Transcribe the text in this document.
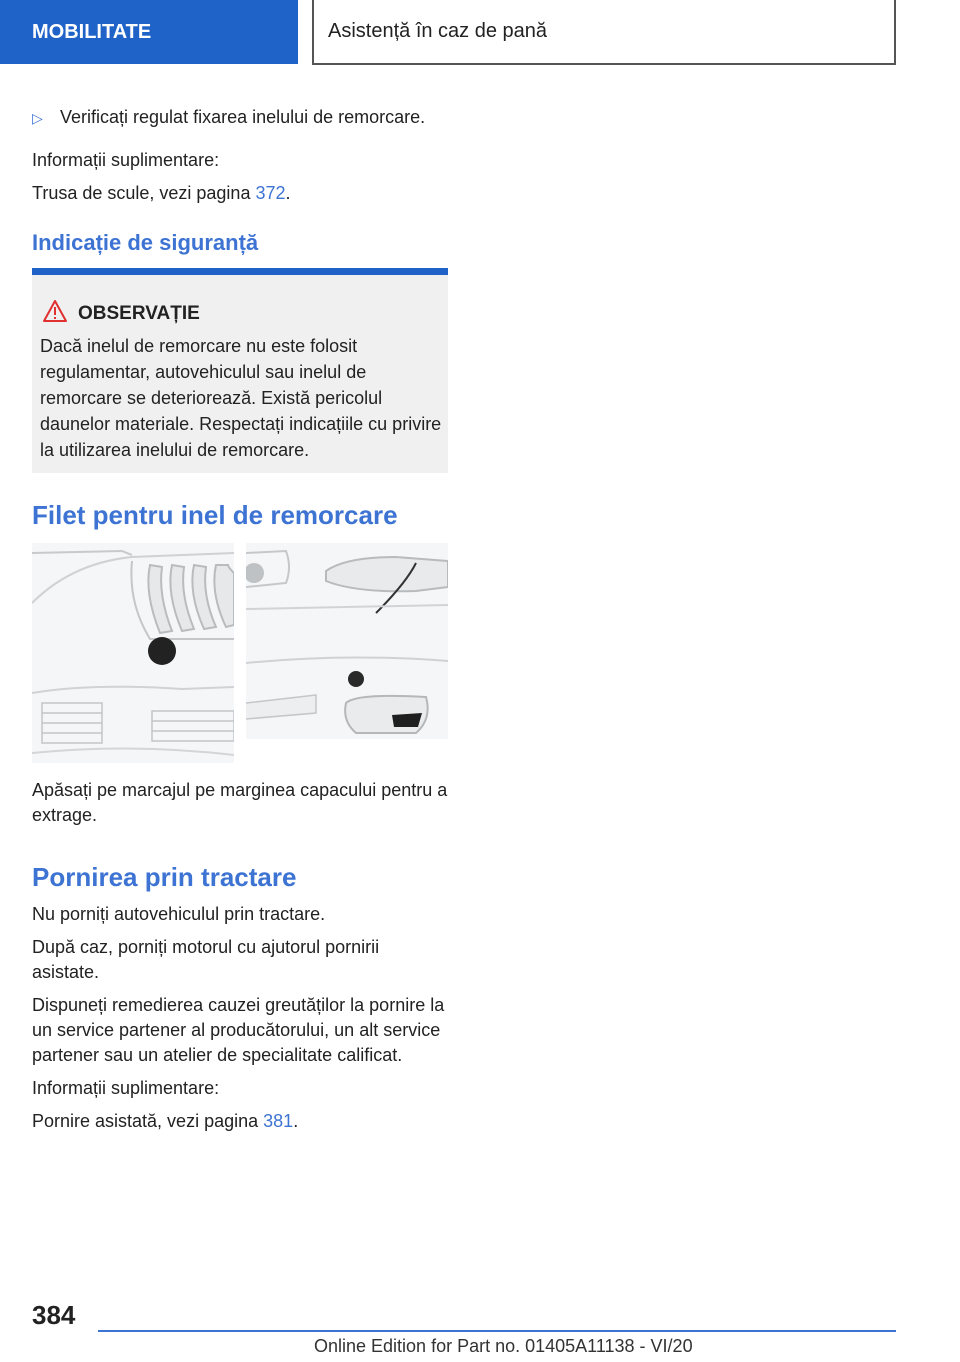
MOBILITATE	Asistență în caz de pană

▷ Verificați regulat fixarea inelului de remorcare.

Informații suplimentare:

Trusa de scule, vezi pagina 372.

Indicație de siguranță
OBSERVAȚIE
Dacă inelul de remorcare nu este folosit regulamentar, autovehiculul sau inelul de remorcare se deteriorează. Există pericolul daunelor materiale. Respectați indicațiile cu privire la utilizarea inelului de remorcare.
Filet pentru inel de remorcare

Apăsați pe marcajul pe marginea capacului pentru a extrage.

Pornirea prin tractare

Nu porniți autovehiculul prin tractare.

După caz, porniți motorul cu ajutorul pornirii asistate.

Dispuneți remedierea cauzei greutăților la pornire la un service partener al producătorului, un alt service partener sau un atelier de specialitate calificat.

Informații suplimentare:

Pornire asistată, vezi pagina 381.

384
Online Edition for Part no. 01405A11138 - VI/20
